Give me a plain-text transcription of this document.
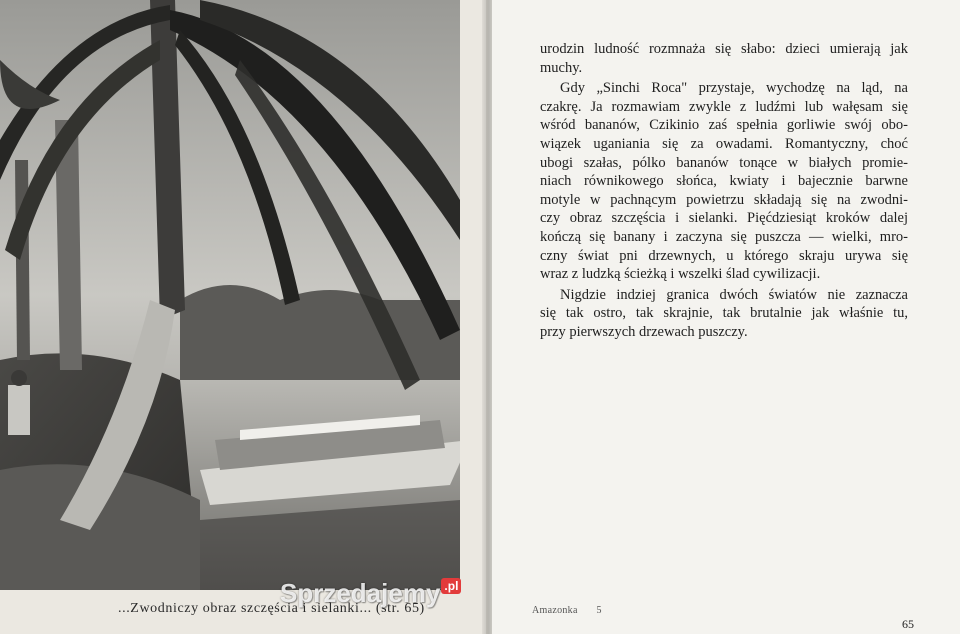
...Zwodniczy obraz szczęścia i sielanki... (str. 65)
urodzin ludność rozmnaża się słabo: dzieci umierają jak
muchy.
Gdy „Sinchi Roca" przystaje, wychodzę na ląd, na
czakrę. Ja rozmawiam zwykle z ludźmi lub wałęsam się
wśród bananów, Czikinio zaś spełnia gorliwie swój obo-
wiązek uganiania się za owadami. Romantyczny, choć
ubogi szałas, pólko bananów tonące w białych promie-
niach równikowego słońca, kwiaty i bajecznie barwne
motyle w pachnącym powietrzu składają się na zwodni-
czy obraz szczęścia i sielanki. Pięćdziesiąt kroków dalej
kończą się banany i zaczyna się puszcza — wielki, mro-
czny świat pni drzewnych, u którego skraju urywa się
wraz z ludzką ścieżką i wszelki ślad cywilizacji.
Nigdzie indziej granica dwóch światów nie zaznacza
się tak ostro, tak skrajnie, tak brutalnie jak właśnie tu,
przy pierwszych drzewach puszczy.
Amazonka 5
65
Sprzedajemy .pl
